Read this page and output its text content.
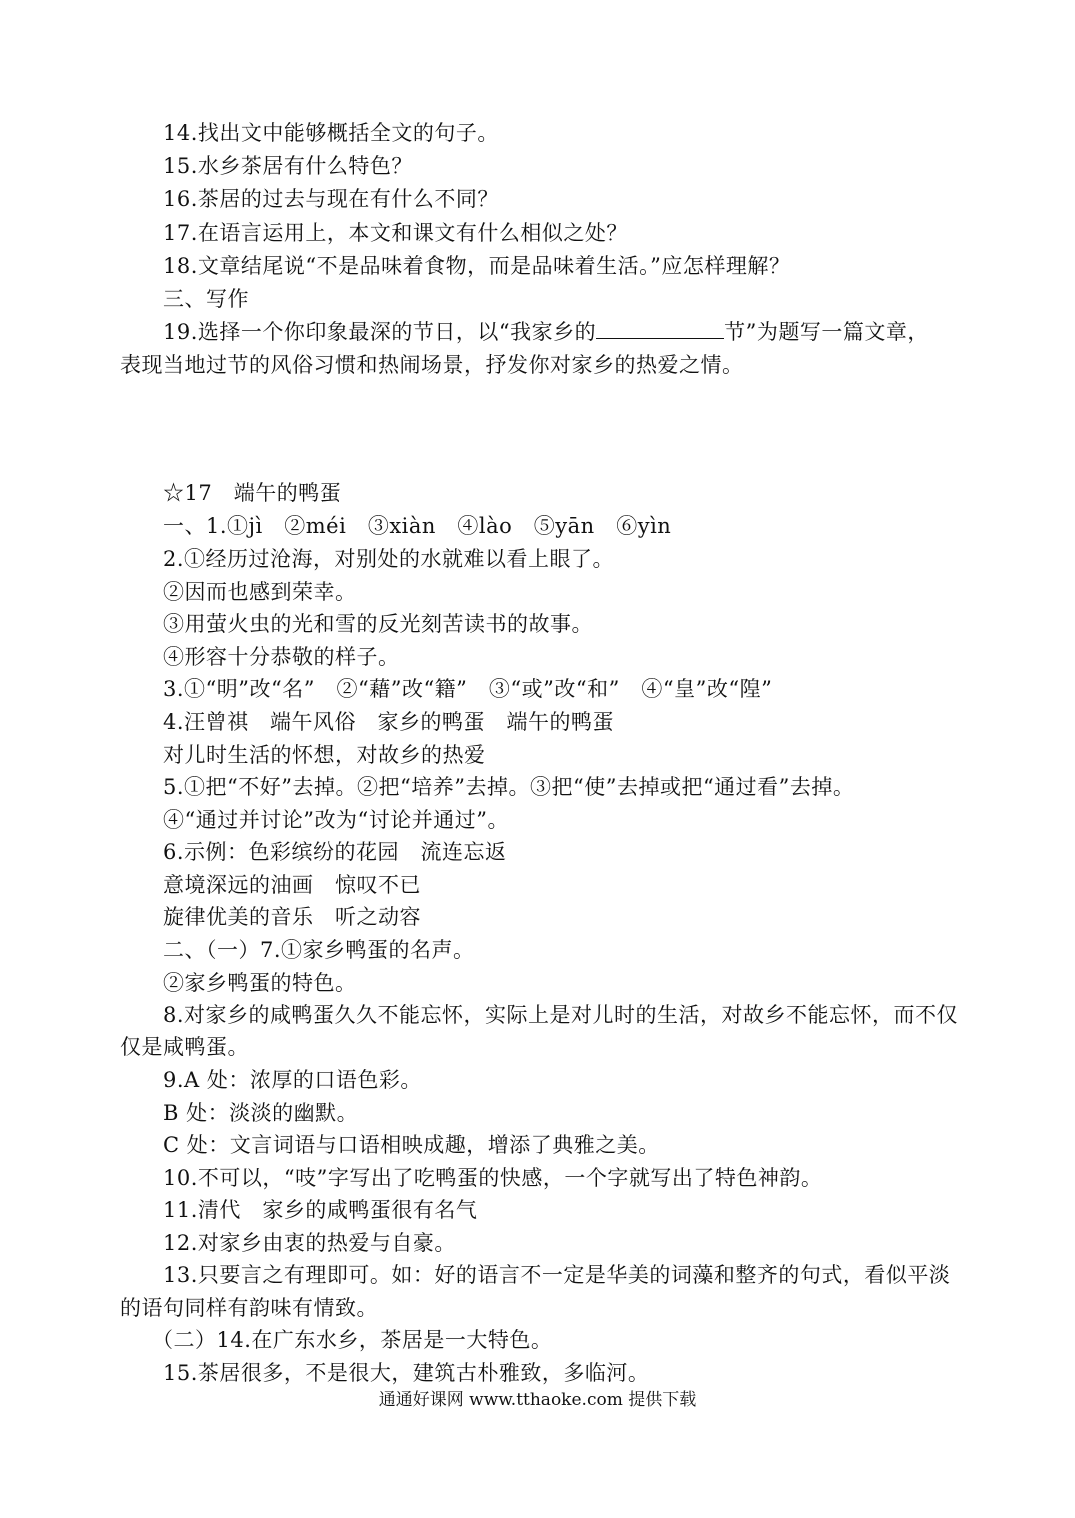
14.找出文中能够概括全文的句子。
15.水乡茶居有什么特色？
16.茶居的过去与现在有什么不同？
17.在语言运用上，本文和课文有什么相似之处？
18.文章结尾说“不是品味着食物，而是品味着生活。”应怎样理解？
三、写作
19.选择一个你印象最深的节日，以“我家乡的	节”为题写一篇文章，
表现当地过节的风俗习惯和热闹场景，抒发你对家乡的热爱之情。
☆17　端午的鸭蛋
一、1.①jì　②méi　③xiàn　④lào　⑤yān　⑥yìn
2.①经历过沧海，对别处的水就难以看上眼了。
②因而也感到荣幸。
③用萤火虫的光和雪的反光刻苦读书的故事。
④形容十分恭敬的样子。
3.①“明”改“名”　②“藉”改“籍”　③“或”改“和”　④“皇”改“隍”
4.汪曾祺　端午风俗　家乡的鸭蛋　端午的鸭蛋
对儿时生活的怀想，对故乡的热爱
5.①把“不好”去掉。②把“培养”去掉。③把“使”去掉或把“通过看”去掉。
④“通过并讨论”改为“讨论并通过”。
6.示例：色彩缤纷的花园　流连忘返
意境深远的油画　惊叹不已
旋律优美的音乐　听之动容
二、（一）7.①家乡鸭蛋的名声。
②家乡鸭蛋的特色。
8.对家乡的咸鸭蛋久久不能忘怀，实际上是对儿时的生活，对故乡不能忘怀，而不仅
仅是咸鸭蛋。
9.A 处：浓厚的口语色彩。
B 处：淡淡的幽默。
C 处：文言词语与口语相映成趣，增添了典雅之美。
10.不可以，“吱”字写出了吃鸭蛋的快感，一个字就写出了特色神韵。
11.清代　家乡的咸鸭蛋很有名气
12.对家乡由衷的热爱与自豪。
13.只要言之有理即可。如：好的语言不一定是华美的词藻和整齐的句式，看似平淡
的语句同样有韵味有情致。
（二）14.在广东水乡，茶居是一大特色。
15.茶居很多，不是很大，建筑古朴雅致，多临河。
通通好课网 www.tthaoke.com 提供下载
